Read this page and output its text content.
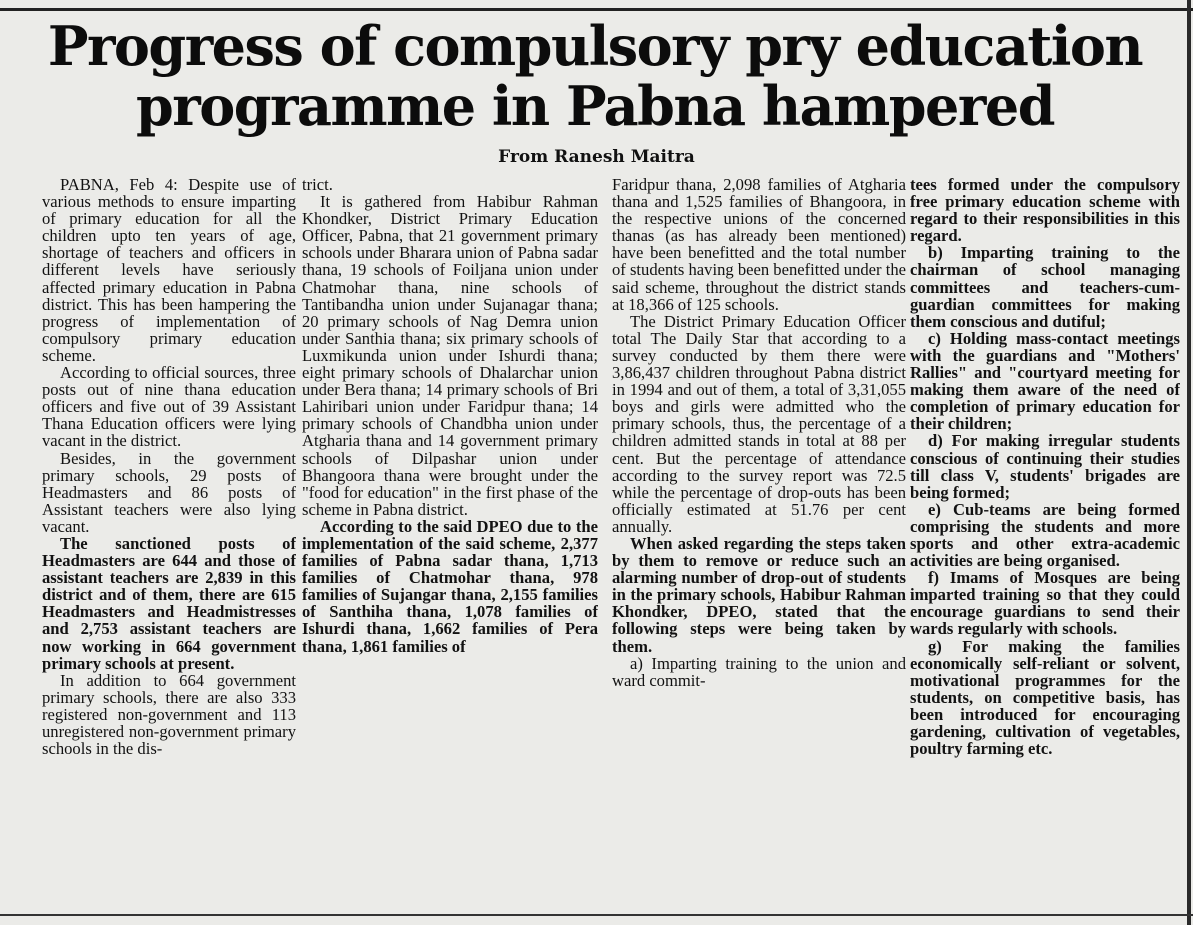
Progress of compulsory pry education programme in Pabna hampered
From Ranesh Maitra

PABNA, Feb 4: Despite use of various methods to ensure imparting of primary education for all the children upto ten years of age, shortage of teachers and officers in different levels have seriously affected primary education in Pabna district. This has been hampering the progress of implementation of compulsory primary education scheme.

According to official sources, three posts out of nine thana education officers and five out of 39 Assistant Thana Education officers were lying vacant in the district.

Besides, in the government primary schools, 29 posts of Headmasters and 86 posts of Assistant teachers were also lying vacant.

The sanctioned posts of Headmasters are 644 and those of assistant teachers are 2,839 in this district and of them, there are 615 Headmasters and Headmistresses and 2,753 assistant teachers are now working in 664 government primary schools at present.

In addition to 664 government primary schools, there are also 333 registered non-government and 113 unregistered non-government primary schools in the dis-

trict.

It is gathered from Habibur Rahman Khondker, District Primary Education Officer, Pabna, that 21 government primary schools under Bharara union of Pabna sadar thana, 19 schools of Foiljana union under Chatmohar thana, nine schools of Tantibandha union under Sujanagar thana; 20 primary schools of Nag Demra union under Santhia thana; six primary schools of Luxmikunda union under Ishurdi thana; eight primary schools of Dhalarchar union under Bera thana; 14 primary schools of Bri Lahiribari union under Faridpur thana; 14 primary schools of Chandbha union under Atgharia thana and 14 government primary schools of Dilpashar union under Bhangoora thana were brought under the "food for education" in the first phase of the scheme in Pabna district.

According to the said DPEO due to the implementation of the said scheme, 2,377 families of Pabna sadar thana, 1,713 families of Chatmohar thana, 978 families of Sujangar thana, 2,155 families of Santhiha thana, 1,078 families of Ishurdi thana, 1,662 families of Pera thana, 1,861 families of

Faridpur thana, 2,098 families of Atgharia thana and 1,525 families of Bhangoora, in the respective unions of the concerned thanas (as has already been mentioned) have been benefitted and the total number of students having been benefitted under the said scheme, throughout the district stands at 18,366 of 125 schools.

The District Primary Education Officer total The Daily Star that according to a survey conducted by them there were 3,86,437 children throughout Pabna district in 1994 and out of them, a total of 3,31,055 boys and girls were admitted who the primary schools, thus, the percentage of a children admitted stands in total at 88 per cent. But the percentage of attendance according to the survey report was 72.5 while the percentage of drop-outs has been officially estimated at 51.76 per cent annually.

When asked regarding the steps taken by them to remove or reduce such an alarming number of drop-out of students in the primary schools, Habibur Rahman Khondker, DPEO, stated that the following steps were being taken by them.

a) Imparting training to the union and ward commit-

tees formed under the compulsory free primary education scheme with regard to their responsibilities in this regard.

b) Imparting training to the chairman of school managing committees and teachers-cum-guardian committees for making them conscious and dutiful;

c) Holding mass-contact meetings with the guardians and "Mothers' Rallies" and "courtyard meeting for making them aware of the need of completion of primary education for their children;

d) For making irregular students conscious of continuing their studies till class V, students' brigades are being formed;

e) Cub-teams are being formed comprising the students and more sports and other extra-academic activities are being organised.

f) Imams of Mosques are being imparted training so that they could encourage guardians to send their wards regularly with schools.

g) For making the families economically self-reliant or solvent, motivational programmes for the students, on competitive basis, has been introduced for encouraging gardening, cultivation of vegetables, poultry farming etc.
